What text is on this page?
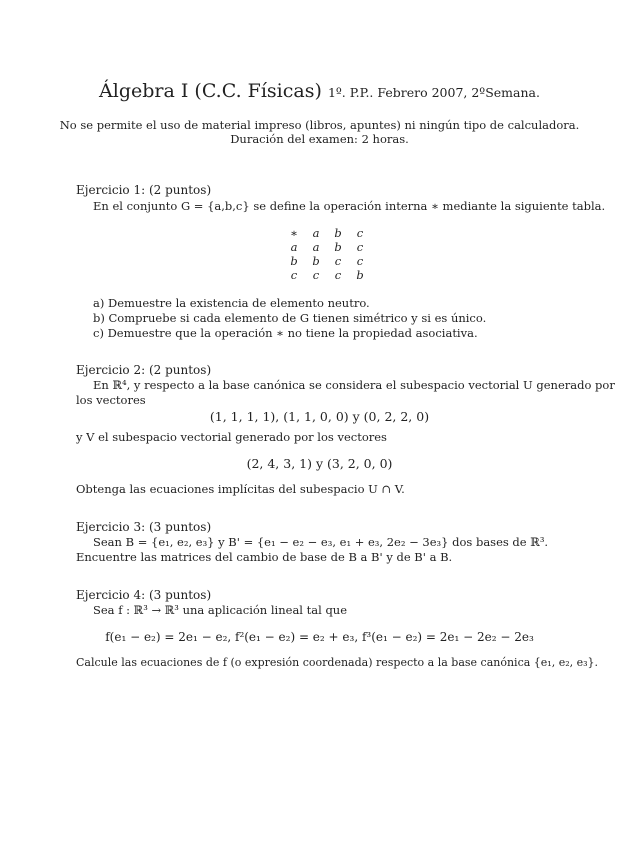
Álgebra I (C.C. Físicas) 1º. P.P.. Febrero 2007, 2ºSemana.
No se permite el uso de material impreso (libros, apuntes) ni ningún tipo de calculadora.
Duración del examen: 2 horas.
Ejercicio 1: (2 puntos)
En el conjunto G = {a,b,c} se define la operación interna ∗ mediante la siguiente tabla.
∗	a	b	c
a	a	b	c
b	b	c	c
c	c	c	b
a) Demuestre la existencia de elemento neutro.
b) Compruebe si cada elemento de G tienen simétrico y si es único.
c) Demuestre que la operación ∗ no tiene la propiedad asociativa.
Ejercicio 2: (2 puntos)
En ℝ⁴, y respecto a la base canónica se considera el subespacio vectorial U generado por
los vectores
(1, 1, 1, 1), (1, 1, 0, 0) y (0, 2, 2, 0)
y V el subespacio vectorial generado por los vectores
(2, 4, 3, 1) y (3, 2, 0, 0)
Obtenga las ecuaciones implícitas del subespacio U ∩ V.
Ejercicio 3: (3 puntos)
Sean B = {e₁, e₂, e₃} y B' = {e₁ − e₂ − e₃, e₁ + e₃, 2e₂ − 3e₃} dos bases de ℝ³.
Encuentre las matrices del cambio de base de B a B' y de B' a B.
Ejercicio 4: (3 puntos)
Sea f : ℝ³ → ℝ³ una aplicación lineal tal que
f(e₁ − e₂) = 2e₁ − e₂, f²(e₁ − e₂) = e₂ + e₃, f³(e₁ − e₂) = 2e₁ − 2e₂ − 2e₃
Calcule las ecuaciones de f (o expresión coordenada) respecto a la base canónica {e₁, e₂, e₃}.
